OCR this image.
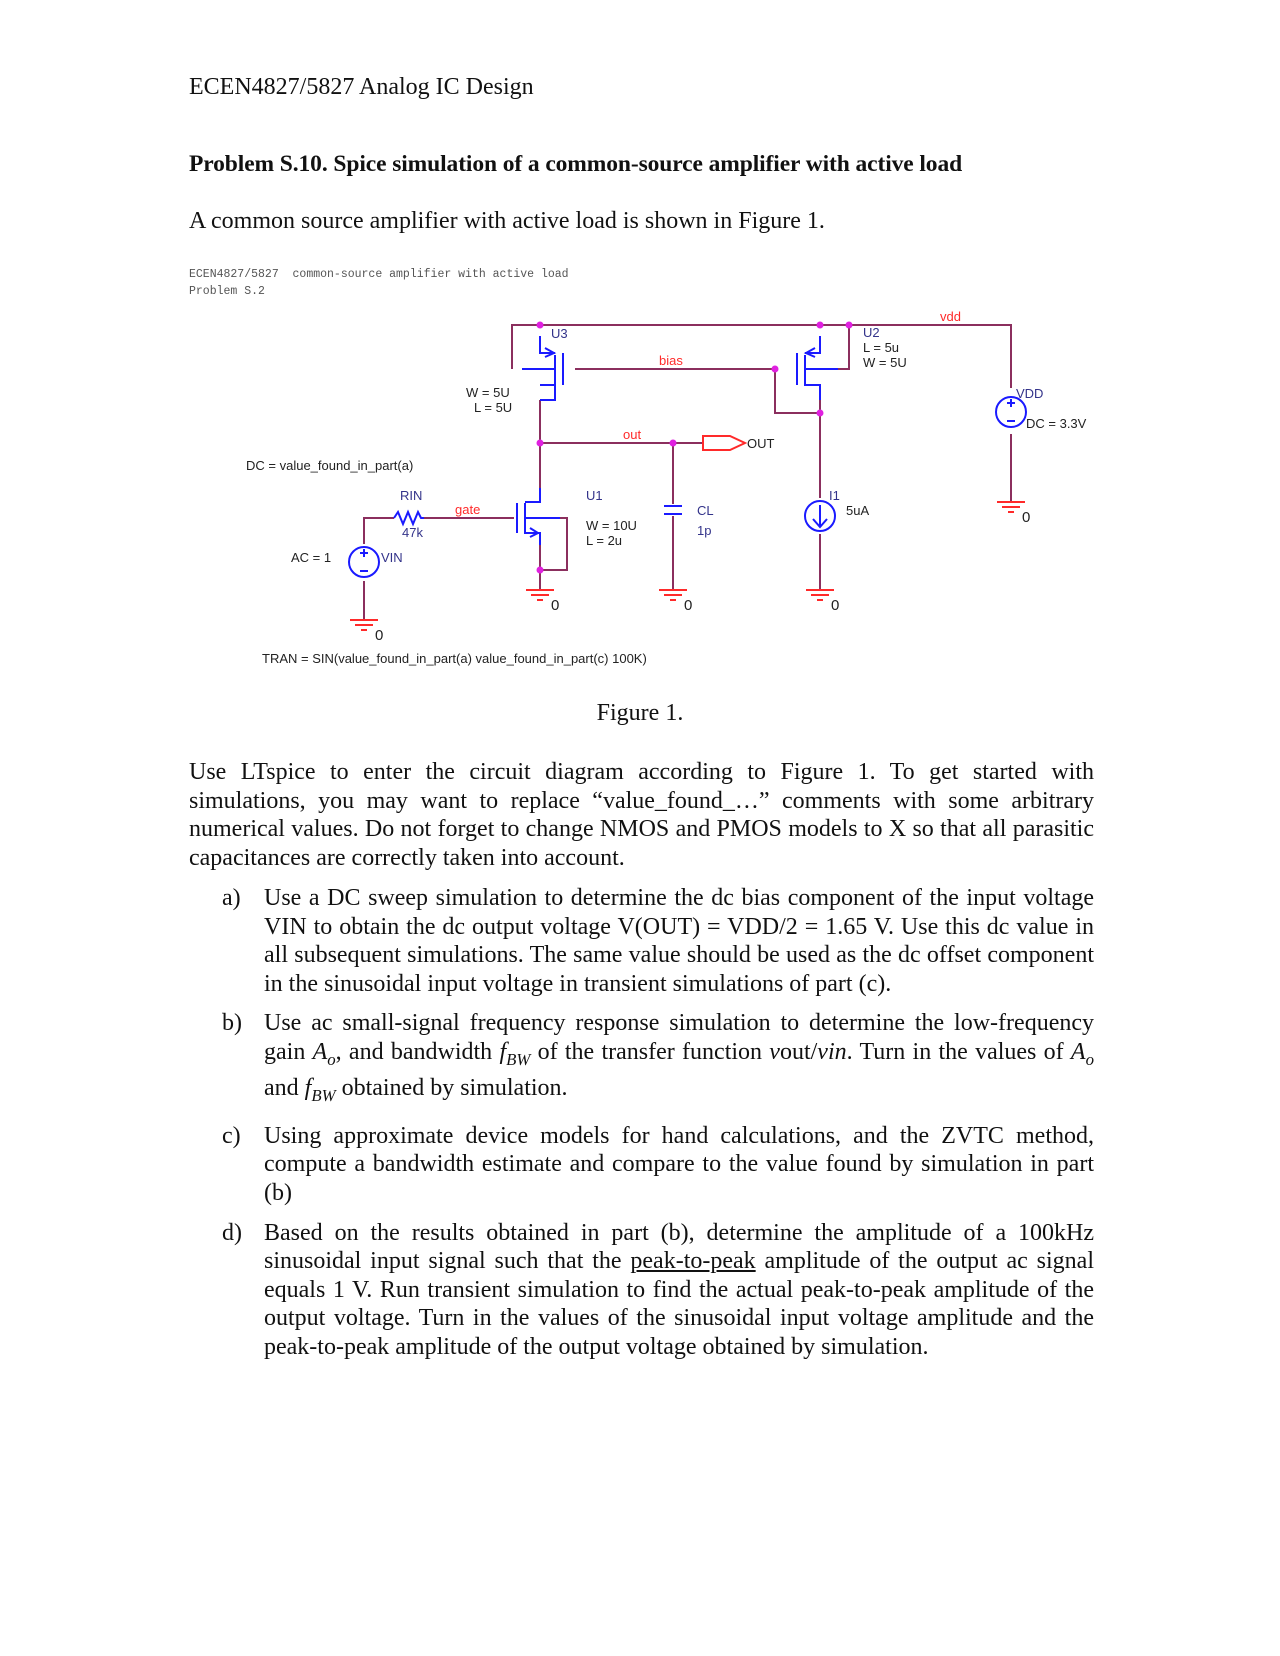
ECEN4827/5827 Analog IC Design
Problem S.10. Spice simulation of a common-source amplifier with active load
A common source amplifier with active load is shown in Figure 1.
ECEN4827/5827  common-source amplifier with active load
Problem S.2
U3
W = 5U
L = 5U
U2
L = 5u
W = 5U
vdd
bias
out
OUT
VDD
DC = 3.3V
DC = value_found_in_part(a)
RIN
47k
gate
AC = 1	VIN
U1
W = 10U
L = 2u
CL
1p
I1
5uA
0
0	0	0
0
TRAN = SIN(value_found_in_part(a) value_found_in_part(c) 100K)
Figure 1.
Use LTspice to enter the circuit diagram according to Figure 1. To get started with simulations, you may want to replace “value_found_…” comments with some arbitrary numerical values. Do not forget to change NMOS and PMOS models to X so that all parasitic capacitances are correctly taken into account.
a) Use a DC sweep simulation to determine the dc bias component of the input voltage VIN to obtain the dc output voltage V(OUT) = VDD/2 = 1.65 V. Use this dc value in all subsequent simulations. The same value should be used as the dc offset component in the sinusoidal input voltage in transient simulations of part (c).
b) Use ac small-signal frequency response simulation to determine the low-frequency gain $A_o$, and bandwidth $f_{BW}$ of the transfer function vout/vin. Turn in the values of $A_o$ and $f_{BW}$ obtained by simulation.
c) Using approximate device models for hand calculations, and the ZVTC method, compute a bandwidth estimate and compare to the value found by simulation in part (b)
d) Based on the results obtained in part (b), determine the amplitude of a 100kHz sinusoidal input signal such that the peak-to-peak amplitude of the output ac signal equals 1 V. Run transient simulation to find the actual peak-to-peak amplitude of the output voltage. Turn in the values of the sinusoidal input voltage amplitude and the peak-to-peak amplitude of the output voltage obtained by simulation.
